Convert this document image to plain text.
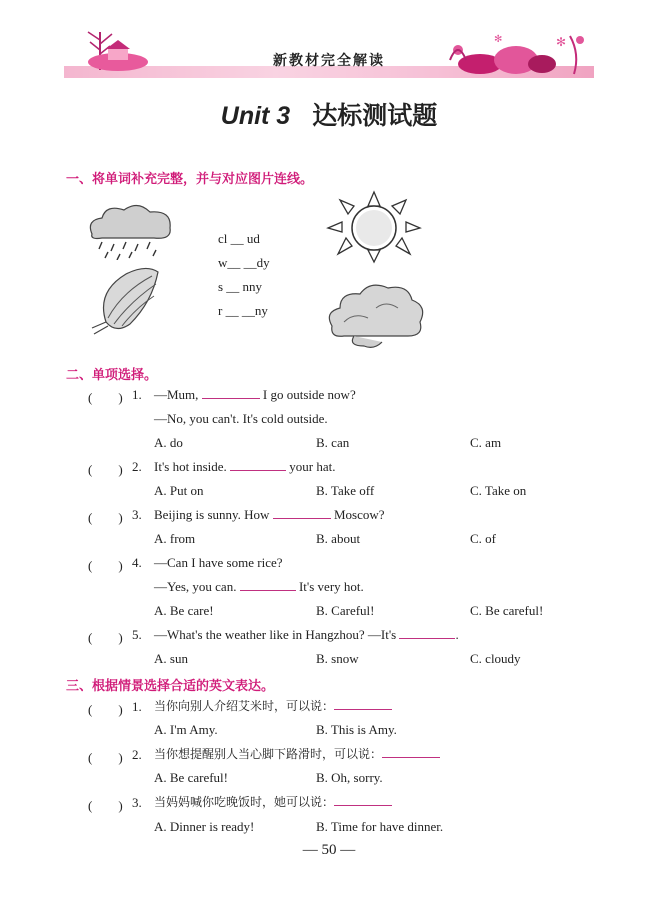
✻
✻
新教材完全解读
Unit 3 达标测试题
一、将单词补充完整，并与对应图片连线。
cl __ ud
w__ __dy
s __ nny
r __ __ny
二、单项选择。
(　　) 1. —Mum,	I go outside now?
—No, you can't. It's cold outside.
A. do	B. can	C. am
(　　) 2. It's hot inside.	your hat.
A. Put on	B. Take off	C. Take on
(　　) 3. Beijing is sunny. How	Moscow?
A. from	B. about	C. of
(　　) 4. —Can I have some rice?
—Yes, you can.	It's very hot.
A. Be care!	B. Careful!	C. Be careful!
(　　) 5. —What's the weather like in Hangzhou? —It's	.
A. sun	B. snow	C. cloudy
三、根据情景选择合适的英文表达。
(　　) 1. 当你向别人介绍艾米时，可以说：
A. I'm Amy.	B. This is Amy.
(　　) 2. 当你想提醒别人当心脚下路滑时，可以说：
A. Be careful!	B. Oh, sorry.
(　　) 3. 当妈妈喊你吃晚饭时，她可以说：
A. Dinner is ready!	B. Time for have dinner.
— 50 —
